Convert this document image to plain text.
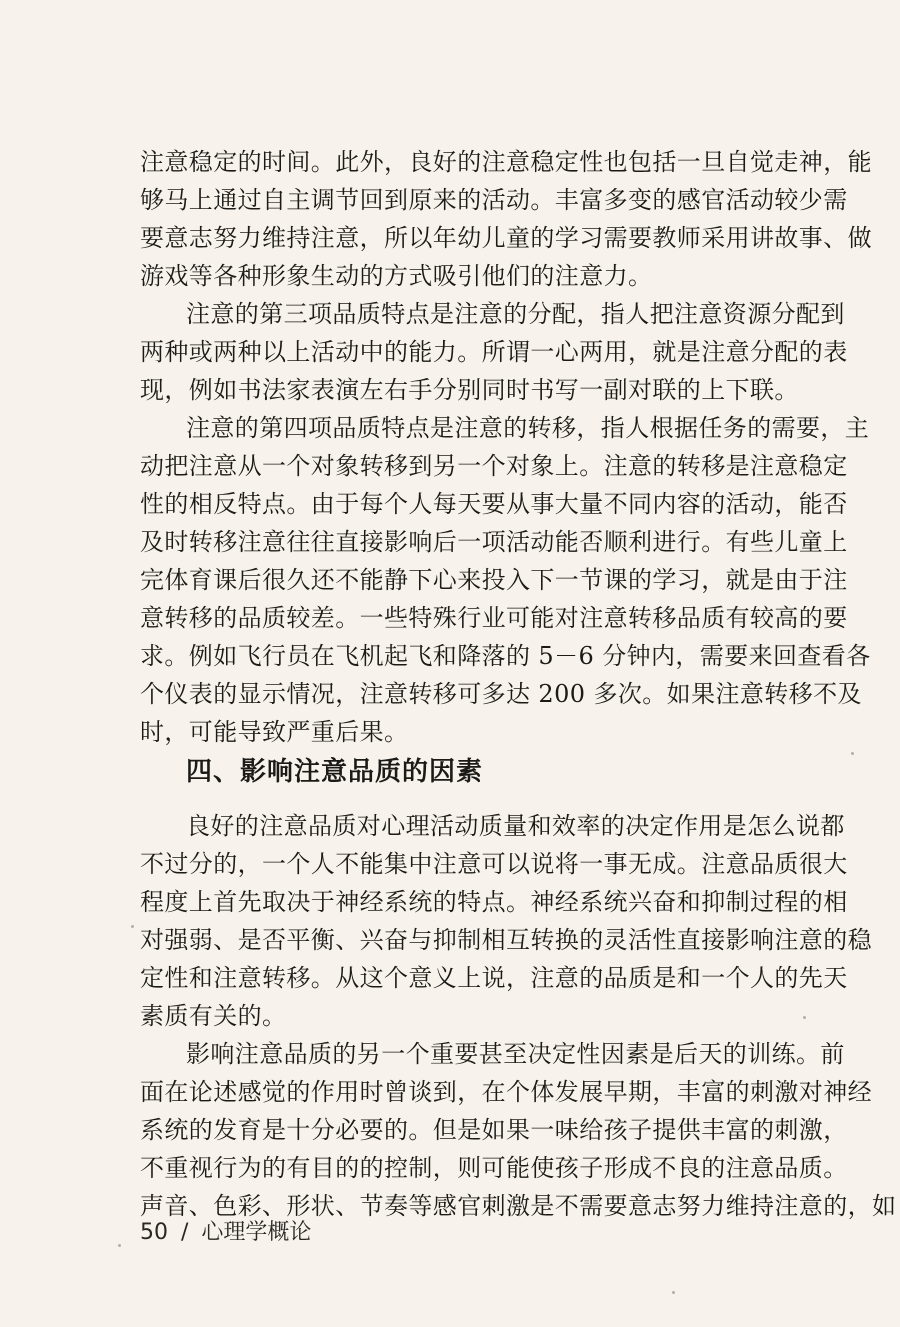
注意稳定的时间。此外，良好的注意稳定性也包括一旦自觉走神，能
够马上通过自主调节回到原来的活动。丰富多变的感官活动较少需
要意志努力维持注意，所以年幼儿童的学习需要教师采用讲故事、做
游戏等各种形象生动的方式吸引他们的注意力。
注意的第三项品质特点是注意的分配，指人把注意资源分配到
两种或两种以上活动中的能力。所谓一心两用，就是注意分配的表
现，例如书法家表演左右手分别同时书写一副对联的上下联。
注意的第四项品质特点是注意的转移，指人根据任务的需要，主
动把注意从一个对象转移到另一个对象上。注意的转移是注意稳定
性的相反特点。由于每个人每天要从事大量不同内容的活动，能否
及时转移注意往往直接影响后一项活动能否顺利进行。有些儿童上
完体育课后很久还不能静下心来投入下一节课的学习，就是由于注
意转移的品质较差。一些特殊行业可能对注意转移品质有较高的要
求。例如飞行员在飞机起飞和降落的 5－6 分钟内，需要来回查看各
个仪表的显示情况，注意转移可多达 200 多次。如果注意转移不及
时，可能导致严重后果。
良好的注意品质对心理活动质量和效率的决定作用是怎么说都
不过分的，一个人不能集中注意可以说将一事无成。注意品质很大
程度上首先取决于神经系统的特点。神经系统兴奋和抑制过程的相
对强弱、是否平衡、兴奋与抑制相互转换的灵活性直接影响注意的稳
定性和注意转移。从这个意义上说，注意的品质是和一个人的先天
素质有关的。
影响注意品质的另一个重要甚至决定性因素是后天的训练。前
面在论述感觉的作用时曾谈到，在个体发展早期，丰富的刺激对神经
系统的发育是十分必要的。但是如果一味给孩子提供丰富的刺激，
不重视行为的有目的的控制，则可能使孩子形成不良的注意品质。
声音、色彩、形状、节奏等感官刺激是不需要意志努力维持注意的，如
四、影响注意品质的因素
50 / 心理学概论
